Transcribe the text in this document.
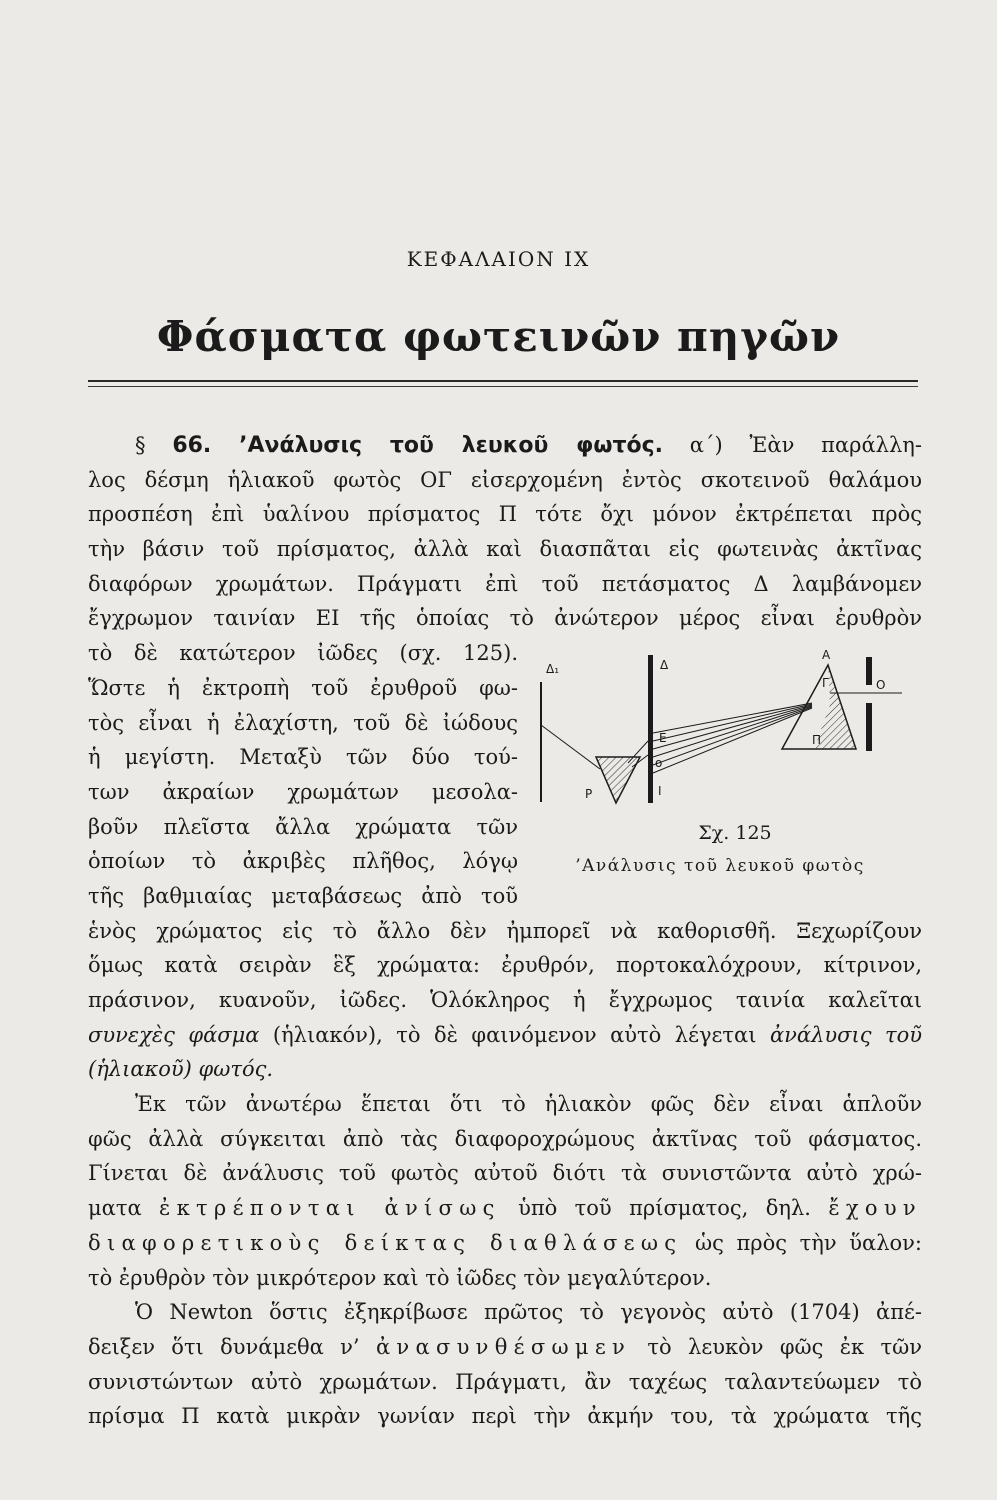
ΚΕΦΑΛΑΙΟΝ ΙΧ
Φάσματα φωτεινῶν πηγῶν
§ 66. ’Ανάλυσις τοῦ λευκοῦ φωτός. α΄) Ἐὰν παράλλη-
λος δέσμη ἡλιακοῦ φωτὸς ΟΓ εἰσερχομένη ἐντὸς σκοτεινοῦ θαλάμου
προσπέση ἐπὶ ὑαλίνου πρίσματος Π τότε ὄχι μόνον ἐκτρέπεται πρὸς
τὴν βάσιν τοῦ πρίσματος, ἀλλὰ καὶ διασπᾶται εἰς φωτεινὰς ἀκτῖνας
διαφόρων χρωμάτων. Πράγματι ἐπὶ τοῦ πετάσματος Δ λαμβάνομεν
ἔγχρωμον ταινίαν ΕΙ τῆς ὁποίας τὸ ἀνώτερον μέρος εἶναι ἐρυθρὸν
τὸ δὲ κατώτερον ἰῶδες (σχ. 125).
Ὥστε ἡ ἐκτροπὴ τοῦ ἐρυθροῦ φω-
τὸς εἶναι ἡ ἐλαχίστη, τοῦ δὲ ἰώδους
ἡ μεγίστη. Μεταξὺ τῶν δύο τού-
των ἀκραίων χρωμάτων μεσολα-
βοῦν πλεῖστα ἄλλα χρώματα τῶν
ὁποίων τὸ ἀκριβὲς πλῆθος, λόγῳ
τῆς βαθμιαίας μεταβάσεως ἀπὸ τοῦ
ἑνὸς χρώματος εἰς τὸ ἄλλο δὲν ἠμπορεῖ νὰ καθορισθῆ. Ξεχωρίζουν
ὅμως κατὰ σειρὰν ἓξ χρώματα: ἐρυθρόν, πορτοκαλόχρουν, κίτρινον,
πράσινον, κυανοῦν, ἰῶδες. Ὁλόκληρος ἡ ἔγχρωμος ταινία καλεῖται
συνεχὲς φάσμα (ἡλιακόν), τὸ δὲ φαινόμενον αὐτὸ λέγεται ἀνάλυσις τοῦ
(ἡλιακοῦ) φωτός.
Ἐκ τῶν ἀνωτέρω ἕπεται ὅτι τὸ ἡλιακὸν φῶς δὲν εἶναι ἁπλοῦν
φῶς ἀλλὰ σύγκειται ἀπὸ τὰς διαφοροχρώμους ἀκτῖνας τοῦ φάσματος.
Γίνεται δὲ ἀνάλυσις τοῦ φωτὸς αὐτοῦ διότι τὰ συνιστῶντα αὐτὸ χρώ-
ματα ἐκτρέπονται ἀνίσως ὑπὸ τοῦ πρίσματος, δηλ. ἔχουν
διαφορετικοὺς δείκτας διαθλάσεως ὡς πρὸς τὴν ὕαλον:
τὸ ἐρυθρὸν τὸν μικρότερον καὶ τὸ ἰῶδες τὸν μεγαλύτερον.
Ὁ Newton ὅστις ἐξηκρίβωσε πρῶτος τὸ γεγονὸς αὐτὸ (1704) ἀπέ-
δειξεν ὅτι δυνάμεθα ν’ ἀνασυνθέσωμεν τὸ λευκὸν φῶς ἐκ τῶν
συνιστώντων αὐτὸ χρωμάτων. Πράγματι, ἂν ταχέως ταλαντεύωμεν τὸ
πρίσμα Π κατὰ μικρὰν γωνίαν περὶ τὴν ἀκμήν του, τὰ χρώματα τῆς
Δ₁	Δ
Ε
Ι
Ρ
ο
Α
Γ
Π
Ο
Σχ. 125
’Ανάλυσις τοῦ λευκοῦ φωτὸς
